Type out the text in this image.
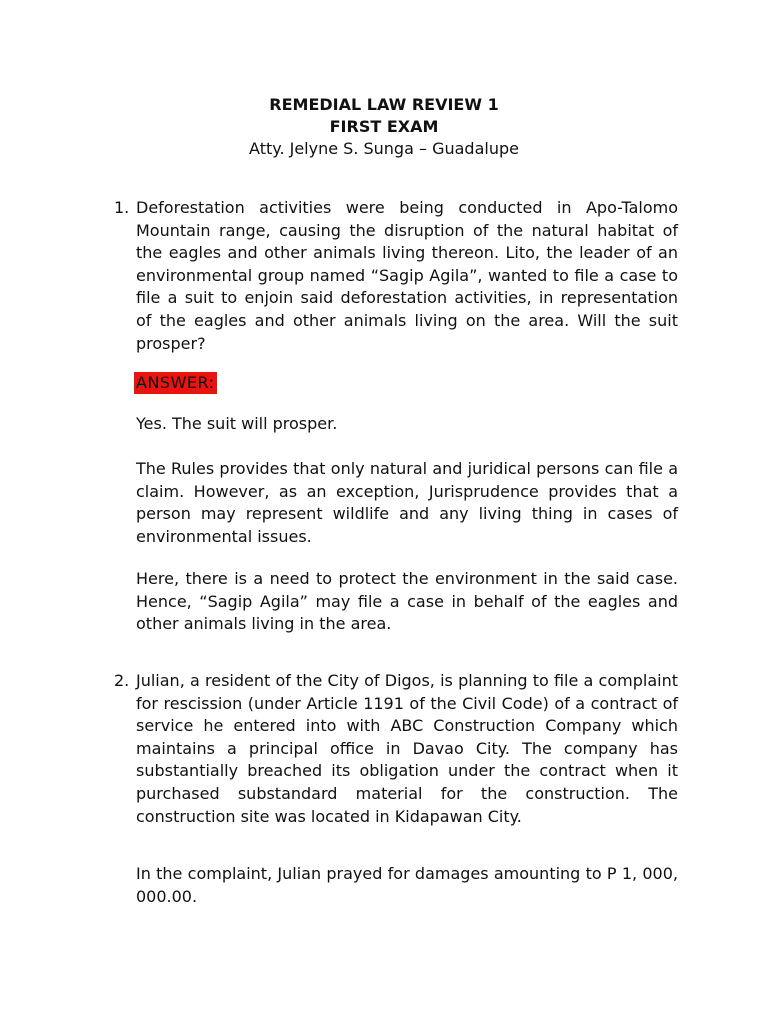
REMEDIAL LAW REVIEW 1
FIRST EXAM
Atty. Jelyne S. Sunga – Guadalupe
1. Deforestation activities were being conducted in Apo-Talomo Mountain range, causing the disruption of the natural habitat of the eagles and other animals living thereon. Lito, the leader of an environmental group named “Sagip Agila”, wanted to file a case to file a suit to enjoin said deforestation activities, in representation of the eagles and other animals living on the area. Will the suit prosper?
ANSWER:
Yes. The suit will prosper.
The Rules provides that only natural and juridical persons can file a claim. However, as an exception, Jurisprudence provides that a person may represent wildlife and any living thing in cases of environmental issues.
Here, there is a need to protect the environment in the said case. Hence, “Sagip Agila” may file a case in behalf of the eagles and other animals living in the area.
2. Julian, a resident of the City of Digos, is planning to file a complaint for rescission (under Article 1191 of the Civil Code) of a contract of service he entered into with ABC Construction Company which maintains a principal office in Davao City. The company has substantially breached its obligation under the contract when it purchased substandard material for the construction. The construction site was located in Kidapawan City.
In the complaint, Julian prayed for damages amounting to P 1, 000, 000.00.
